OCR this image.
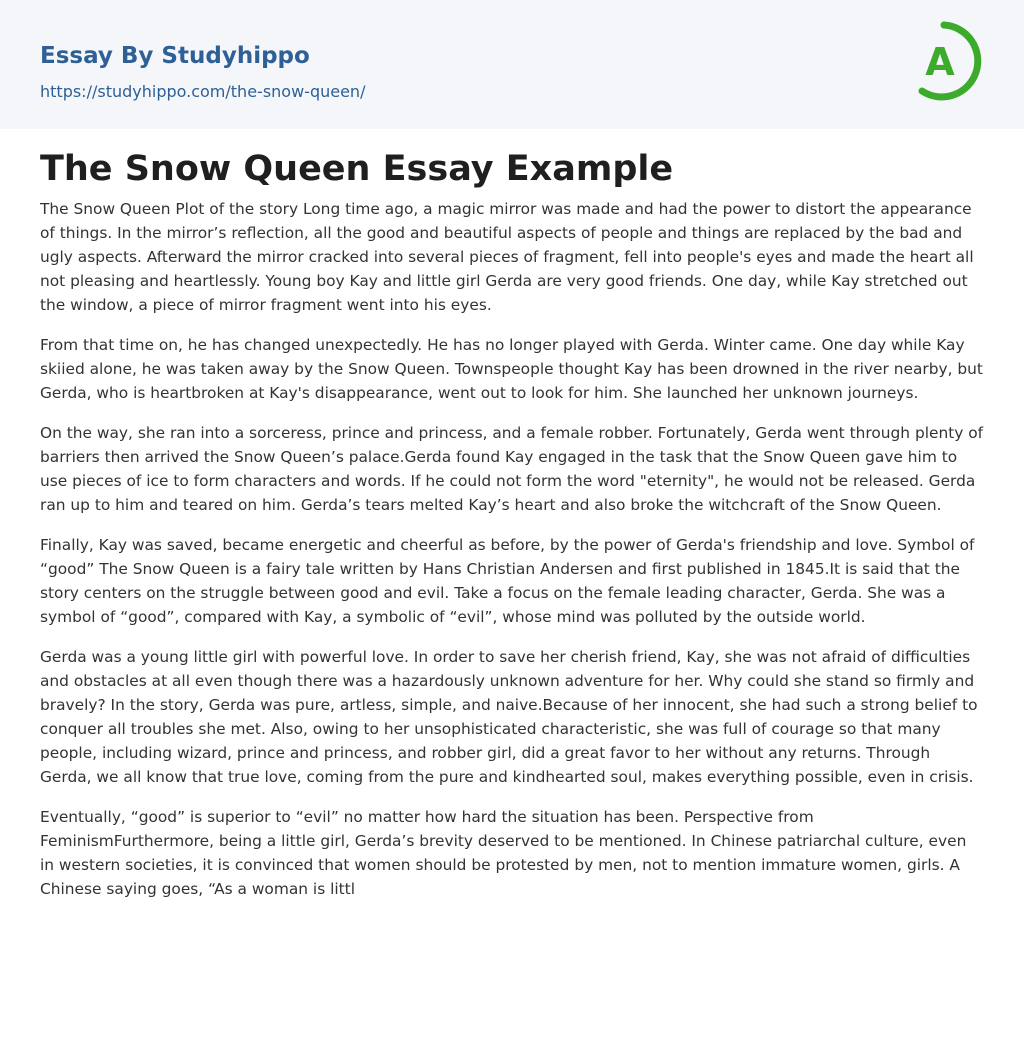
Essay By Studyhippo
https://studyhippo.com/the-snow-queen/
A
The Snow Queen Essay Example

The Snow Queen Plot of the story Long time ago, a magic mirror was made and had the power to distort the appearance of things. In the mirror’s reflection, all the good and beautiful aspects of people and things are replaced by the bad and ugly aspects. Afterward the mirror cracked into several pieces of fragment, fell into people's eyes and made the heart all not pleasing and heartlessly. Young boy Kay and little girl Gerda are very good friends. One day, while Kay stretched out the window, a piece of mirror fragment went into his eyes.

From that time on, he has changed unexpectedly. He has no longer played with Gerda. Winter came. One day while Kay skiied alone, he was taken away by the Snow Queen. Townspeople thought Kay has been drowned in the river nearby, but Gerda, who is heartbroken at Kay's disappearance, went out to look for him. She launched her unknown journeys.

On the way, she ran into a sorceress, prince and princess, and a female robber. Fortunately, Gerda went through plenty of barriers then arrived the Snow Queen’s palace.Gerda found Kay engaged in the task that the Snow Queen gave him to use pieces of ice to form characters and words. If he could not form the word "eternity", he would not be released. Gerda ran up to him and teared on him. Gerda’s tears melted Kay’s heart and also broke the witchcraft of the Snow Queen.

Finally, Kay was saved, became energetic and cheerful as before, by the power of Gerda's friendship and love. Symbol of “good” The Snow Queen is a fairy tale written by Hans Christian Andersen and first published in 1845.It is said that the story centers on the struggle between good and evil. Take a focus on the female leading character, Gerda. She was a symbol of “good”, compared with Kay, a symbolic of “evil”, whose mind was polluted by the outside world.

Gerda was a young little girl with powerful love. In order to save her cherish friend, Kay, she was not afraid of difficulties and obstacles at all even though there was a hazardously unknown adventure for her. Why could she stand so firmly and bravely? In the story, Gerda was pure, artless, simple, and naive.Because of her innocent, she had such a strong belief to conquer all troubles she met. Also, owing to her unsophisticated characteristic, she was full of courage so that many people, including wizard, prince and princess, and robber girl, did a great favor to her without any returns. Through Gerda, we all know that true love, coming from the pure and kindhearted soul, makes everything possible, even in crisis.

Eventually, “good” is superior to “evil” no matter how hard the situation has been. Perspective from FeminismFurthermore, being a little girl, Gerda’s brevity deserved to be mentioned. In Chinese patriarchal culture, even in western societies, it is convinced that women should be protested by men, not to mention immature women, girls. A Chinese saying goes, “As a woman is littl
